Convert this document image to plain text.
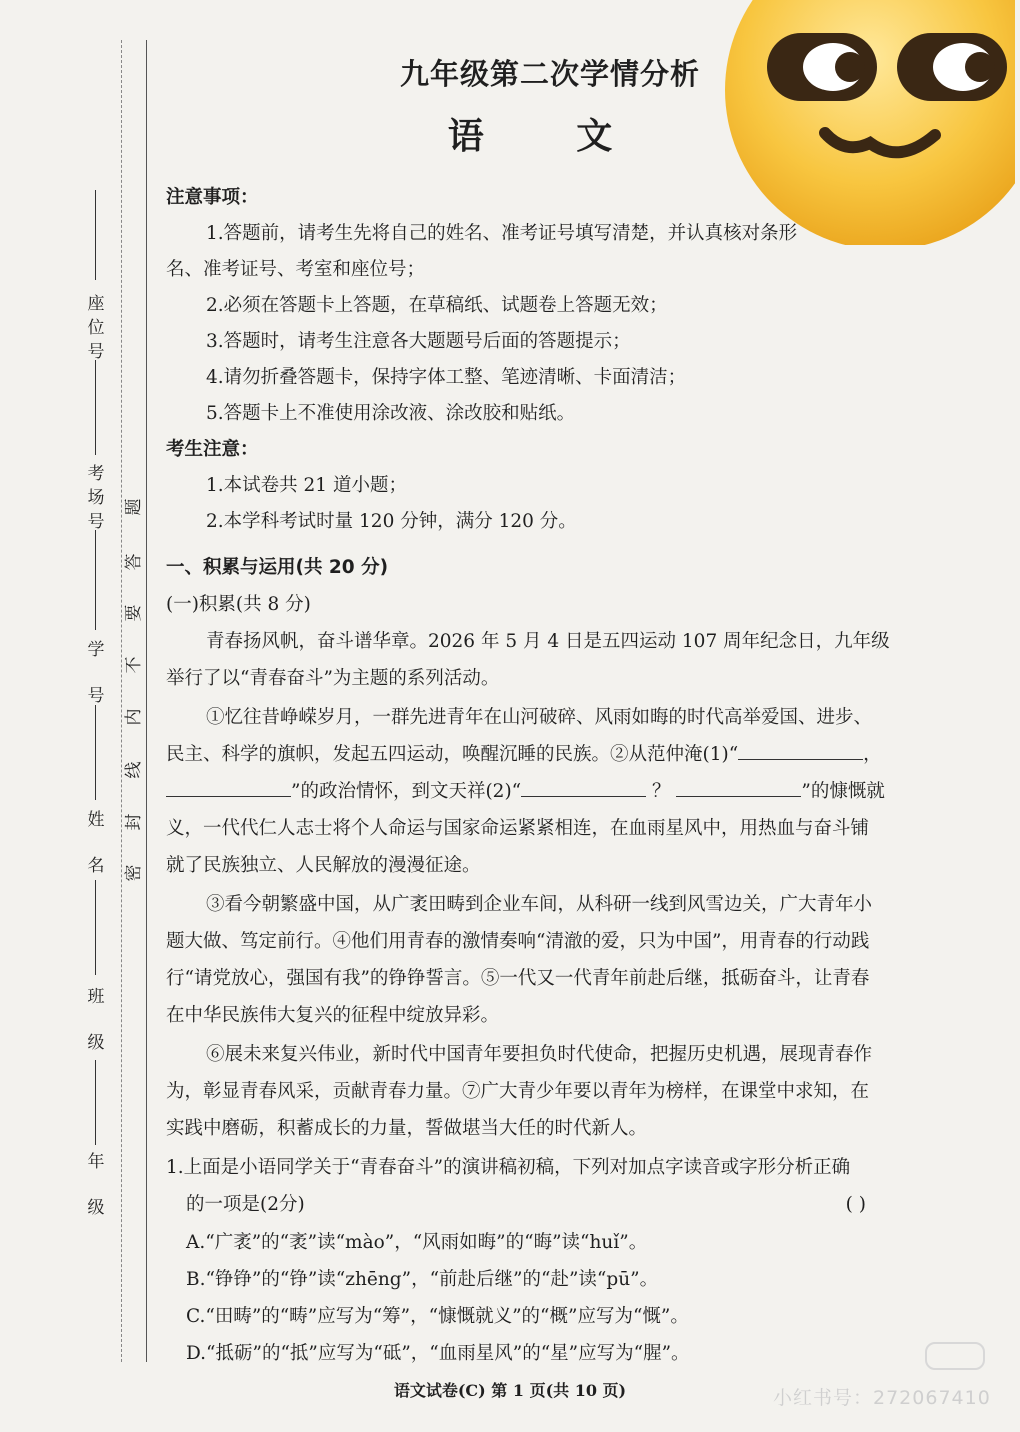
座
位
号
考
场
号
学
号
姓
名
班
级
年
级
题
答
要
不
内
线
封
密
九年级第二次学情分析
语 文
注意事项：
1.答题前，请考生先将自己的姓名、准考证号填写清楚，并认真核对条形
名、准考证号、考室和座位号；
2.必须在答题卡上答题，在草稿纸、试题卷上答题无效；
3.答题时，请考生注意各大题题号后面的答题提示；
4.请勿折叠答题卡，保持字体工整、笔迹清晰、卡面清洁；
5.答题卡上不准使用涂改液、涂改胶和贴纸。
考生注意：
1.本试卷共 21 道小题；
2.本学科考试时量 120 分钟，满分 120 分。
一、积累与运用(共 20 分)
(一)积累(共 8 分)
青春扬风帆，奋斗谱华章。2026 年 5 月 4 日是五四运动 107 周年纪念日，九年级
举行了以“青春奋斗”为主题的系列活动。
①忆往昔峥嵘岁月，一群先进青年在山河破碎、风雨如晦的时代高举爱国、进步、
民主、科学的旗帜，发起五四运动，唤醒沉睡的民族。②从范仲淹(1)“	，
”的政治情怀，到文天祥(2)“	？	”的慷慨就
义，一代代仁人志士将个人命运与国家命运紧紧相连，在血雨星风中，用热血与奋斗铺
就了民族独立、人民解放的漫漫征途。
③看今朝繁盛中国，从广袤田畴到企业车间，从科研一线到风雪边关，广大青年小
题大做、笃定前行。④他们用青春的激情奏响“清澈的爱，只为中国”，用青春的行动践
行“请党放心，强国有我”的铮铮誓言。⑤一代又一代青年前赴后继，抵砺奋斗，让青春
在中华民族伟大复兴的征程中绽放异彩。
⑥展未来复兴伟业，新时代中国青年要担负时代使命，把握历史机遇，展现青春作
为，彰显青春风采，贡献青春力量。⑦广大青少年要以青年为榜样，在课堂中求知，在
实践中磨砺，积蓄成长的力量，誓做堪当大任的时代新人。
1.上面是小语同学关于“青春奋斗”的演讲稿初稿，下列对加点字读音或字形分析正确
的一项是(2分)	( )
A.“广袤”的“袤”读“mào”，“风雨如晦”的“晦”读“huǐ”。
B.“铮铮”的“铮”读“zhēng”，“前赴后继”的“赴”读“pū”。
C.“田畴”的“畴”应写为“筹”，“慷慨就义”的“概”应写为“慨”。
D.“抵砺”的“抵”应写为“砥”，“血雨星风”的“星”应写为“腥”。
语文试卷(C) 第 1 页(共 10 页)	小红书号：272067410
